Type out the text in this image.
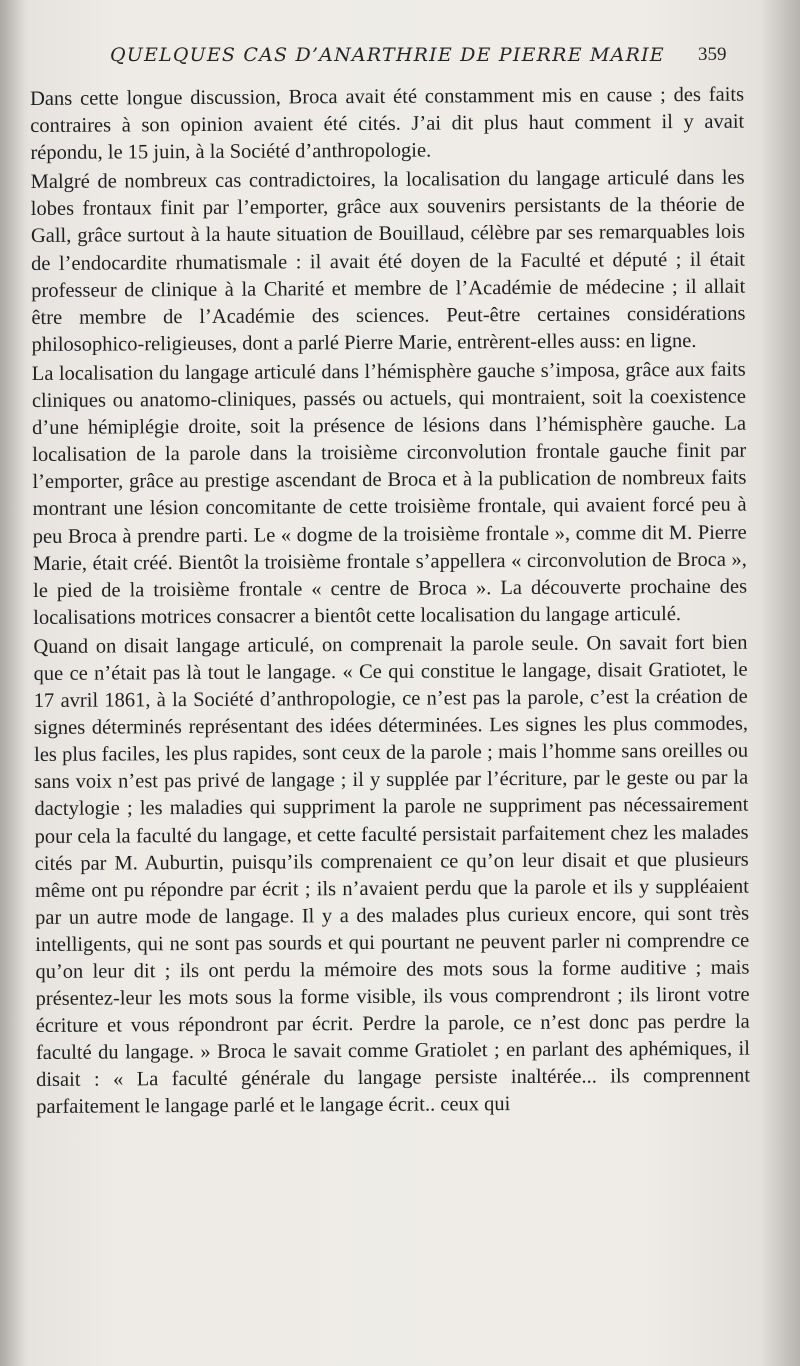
QUELQUES CAS D’ANARTHRIE DE PIERRE MARIE 359

Dans cette longue discussion, Broca avait été constamment mis en cause ; des faits contraires à son opinion avaient été cités. J’ai dit plus haut comment il y avait répondu, le 15 juin, à la Société d’anthropologie.

Malgré de nombreux cas contradictoires, la localisation du langage articulé dans les lobes frontaux finit par l’emporter, grâce aux souvenirs persistants de la théorie de Gall, grâce surtout à la haute situation de Bouillaud, célèbre par ses remarquables lois de l’endocardite rhumatismale : il avait été doyen de la Faculté et député ; il était professeur de clinique à la Charité et membre de l’Académie de médecine ; il allait être membre de l’Académie des sciences. Peut-être certaines considérations philosophico-religieuses, dont a parlé Pierre Marie, entrèrent-elles auss: en ligne.

La localisation du langage articulé dans l’hémisphère gauche s’imposa, grâce aux faits cliniques ou anatomo-cliniques, passés ou actuels, qui montraient, soit la coexistence d’une hémiplégie droite, soit la présence de lésions dans l’hémisphère gauche. La localisation de la parole dans la troisième circonvolution frontale gauche finit par l’emporter, grâce au prestige ascendant de Broca et à la publication de nombreux faits montrant une lésion concomitante de cette troisième frontale, qui avaient forcé peu à peu Broca à prendre parti. Le « dogme de la troisième frontale », comme dit M. Pierre Marie, était créé. Bientôt la troisième frontale s’appellera « circonvolution de Broca », le pied de la troisième frontale « centre de Broca ». La découverte prochaine des localisations motrices consacrer a bientôt cette localisation du langage articulé.

Quand on disait langage articulé, on comprenait la parole seule. On savait fort bien que ce n’était pas là tout le langage. « Ce qui constitue le langage, disait Gratiotet, le 17 avril 1861, à la Société d’anthropologie, ce n’est pas la parole, c’est la création de signes déterminés représentant des idées déterminées. Les signes les plus commodes, les plus faciles, les plus rapides, sont ceux de la parole ; mais l’homme sans oreilles ou sans voix n’est pas privé de langage ; il y supplée par l’écriture, par le geste ou par la dactylogie ; les maladies qui suppriment la parole ne suppriment pas nécessairement pour cela la faculté du langage, et cette faculté persistait parfaitement chez les malades cités par M. Auburtin, puisqu’ils comprenaient ce qu’on leur disait et que plusieurs même ont pu répondre par écrit ; ils n’avaient perdu que la parole et ils y suppléaient par un autre mode de langage. Il y a des malades plus curieux encore, qui sont très intelligents, qui ne sont pas sourds et qui pourtant ne peuvent parler ni comprendre ce qu’on leur dit ; ils ont perdu la mémoire des mots sous la forme auditive ; mais présentez-leur les mots sous la forme visible, ils vous comprendront ; ils liront votre écriture et vous répondront par écrit. Perdre la parole, ce n’est donc pas perdre la faculté du langage. » Broca le savait comme Gratiolet ; en parlant des aphémiques, il disait : « La faculté générale du langage persiste inaltérée... ils comprennent parfaitement le langage parlé et le langage écrit.. ceux qui
